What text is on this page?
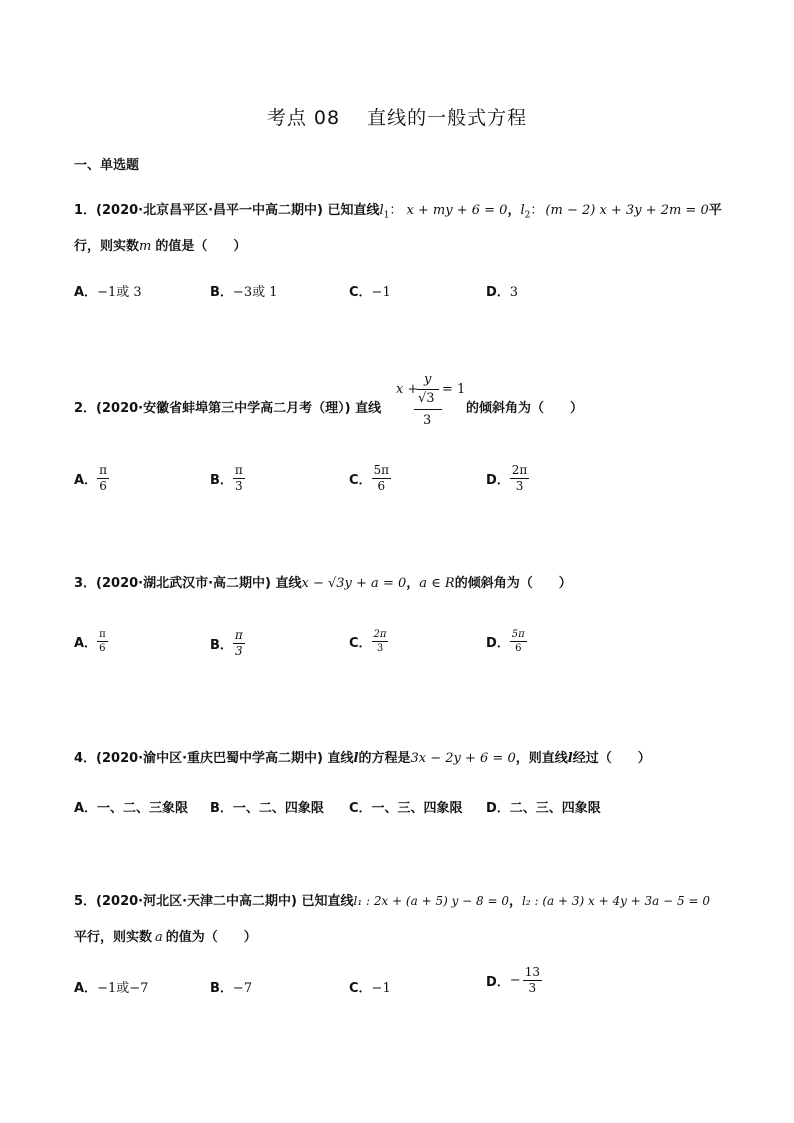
考点 08　 直线的一般式方程
一、单选题
1．(2020·北京昌平区·昌平一中高二期中) 已知直线$l_1$： x + my + 6 = 0，$l_2$： (m − 2) x + 3y + 2m = 0平
行，则实数m 的值是（　　）
A．−1或 3	B．−3或 1	C．−1	D．3
2．(2020·安徽省蚌埠第三中学高二月考（理）) 直线
x +
y
√3
3
= 1
的倾斜角为（　　）
A． $\frac{\pi}{6}$	B． $\frac{\pi}{3}$	C． $\frac{5\pi}{6}$	D． $\frac{2\pi}{3}$
3．(2020·湖北武汉市·高二期中) 直线x − √3y + a = 0，a ∈ R的倾斜角为（　　）
A． $\frac{\pi}{6}$	B． $\frac{\pi}{3}$	C． $\frac{2\pi}{3}$	D． $\frac{5\pi}{6}$
4．(2020·渝中区·重庆巴蜀中学高二期中) 直线l的方程是3x − 2y + 6 = 0，则直线l经过（　　）
A．一、二、三象限 B．一、二、四象限 C．一、三、四象限 D．二、三、四象限
5．(2020·河北区·天津二中高二期中) 已知直线l₁ : 2x + (a + 5) y − 8 = 0，l₂ : (a + 3) x + 4y + 3a − 5 = 0
平行，则实数 a 的值为（　　）
A．−1或−7	B．−7	C．−1	D．− $\frac{13}{3}$
